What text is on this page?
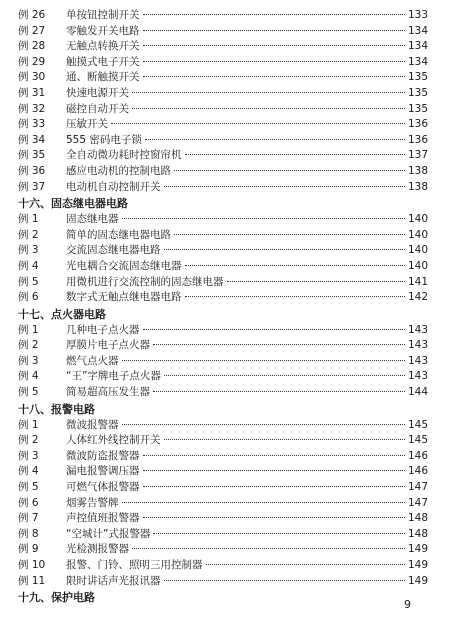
例 26	单按钮控制开关	133
例 27	零触发开关电路	134
例 28	无触点转换开关	134
例 29	触摸式电子开关	134
例 30	通、断触摸开关	135
例 31	快速电源开关	135
例 32	磁控自动开关	135
例 33	压敏开关	136
例 34	555 密码电子锁	136
例 35	全自动微功耗时控窗帘机	137
例 36	感应电动机的控制电路	138
例 37	电动机自动控制开关	138
十六、固态继电器电路
例 1	固态继电器	140
例 2	简单的固态继电器电路	140
例 3	交流固态继电器电路	140
例 4	光电耦合交流固态继电器	140
例 5	用微机进行交流控制的固态继电器	141
例 6	数字式无触点继电器电路	142
十七、点火器电路
例 1	几种电子点火器	143
例 2	厚膜片电子点火器	143
例 3	燃气点火器	143
例 4	“王”字牌电子点火器	143
例 5	简易超高压发生器	144
十八、报警电路
例 1	微波报警器	145
例 2	人体红外线控制开关	145
例 3	微波防盗报警器	146
例 4	漏电报警调压器	146
例 5	可燃气体报警器	147
例 6	烟雾告警牌	147
例 7	声控值班报警器	148
例 8	“空城计”式报警器	148
例 9	光检测报警器	149
例 10	报警、门铃、照明三用控制器	149
例 11	限时讲话声光报讯器	149
十九、保护电路
9
